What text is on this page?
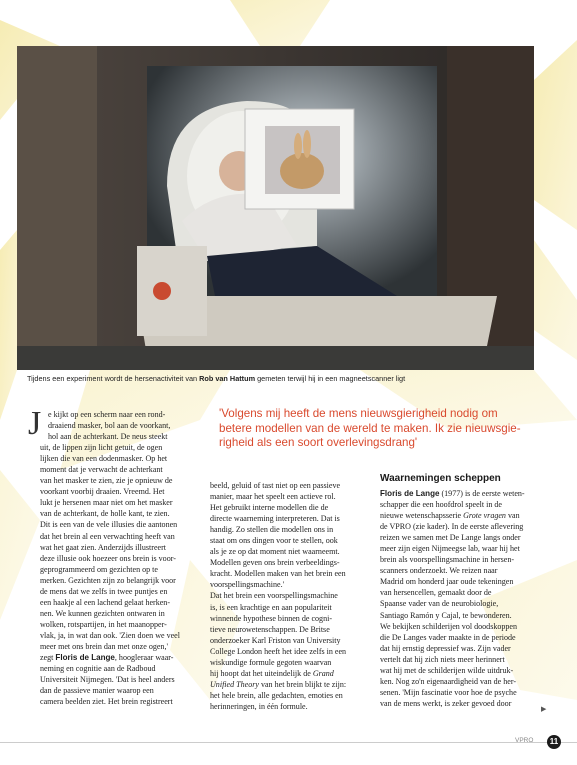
Tijdens een experiment wordt de hersenactiviteit van Rob van Hattum gemeten terwijl hij in een magneetscanner ligt
J e kijkt op een scherm naar een rond-

draaiend masker, bol aan de voorkant,

hol aan de achterkant. De neus steekt

uit, de lippen zijn licht getuit, de ogen

lijken die van een dodenmasker. Op het

moment dat je verwacht de achterkant

van het masker te zien, zie je opnieuw de

voorkant voorbij draaien. Vreemd. Het

lukt je hersenen maar niet om het masker

van de achterkant, de holle kant, te zien.

Dit is een van de vele illusies die aantonen

dat het brein al een verwachting heeft van

wat het gaat zien. Anderzijds illustreert

deze illusie ook hoezeer ons brein is voor-

geprogrammeerd om gezichten op te

merken. Gezichten zijn zo belangrijk voor

de mens dat we zelfs in twee puntjes en

een haakje al een lachend gelaat herken-

nen. We kunnen gezichten ontwaren in

wolken, rotspartijen, in het maanopper-

vlak, ja, in wat dan ook. 'Zien doen we veel

meer met ons brein dan met onze ogen,'

zegt Floris de Lange, hoogleraar waar-

neming en cognitie aan de Radboud

Universiteit Nijmegen. 'Dat is heel anders

dan de passieve manier waarop een

camera beelden ziet. Het brein registreert

'Volgens mij heeft de mens nieuwsgierigheid nodig om
betere modellen van de wereld te maken. Ik zie nieuwsgie-
righeid als een soort overlevingsdrang'

beeld, geluid of tast niet op een passieve

manier, maar het speelt een actieve rol.

Het gebruikt interne modellen die de

directe waarneming interpreteren. Dat is

handig. Zo stellen die modellen ons in

staat om ons dingen voor te stellen, ook

als je ze op dat moment niet waarneemt.

Modellen geven ons brein verbeeldings-

kracht. Modellen maken van het brein een

voorspellingsmachine.'

Dat het brein een voorspellingsmachine

is, is een krachtige en aan populariteit

winnende hypothese binnen de cogni-

tieve neurowetenschappen. De Britse

onderzoeker Karl Friston van University

College London heeft het idee zelfs in een

wiskundige formule gegoten waarvan

hij hoopt dat het uiteindelijk de Grand

Unified Theory van het brein blijkt te zijn:

het hele brein, alle gedachten, emoties en

herinneringen, in één formule.

Waarnemingen scheppen

Floris de Lange (1977) is de eerste weten-

schapper die een hoofdrol speelt in de

nieuwe wetenschapsserie Grote vragen van

de VPRO (zie kader). In de eerste aflevering

reizen we samen met De Lange langs onder

meer zijn eigen Nijmeegse lab, waar hij het

brein als voorspellingsmachine in hersen-

scanners onderzoekt. We reizen naar

Madrid om honderd jaar oude tekeningen

van hersencellen, gemaakt door de

Spaanse vader van de neurobiologie,

Santiago Ramón y Cajal, te bewonderen.

We bekijken schilderijen vol doodskoppen

die De Langes vader maakte in de periode

dat hij ernstig depressief was. Zijn vader

vertelt dat hij zich niets meer herinnert

wat hij met de schilderijen wilde uitdruk-

ken. Nog zo'n eigenaardigheid van de her-

senen. 'Mijn fascinatie voor hoe de psyche

van de mens werkt, is zeker gevoed door

▶
VPRO	11
